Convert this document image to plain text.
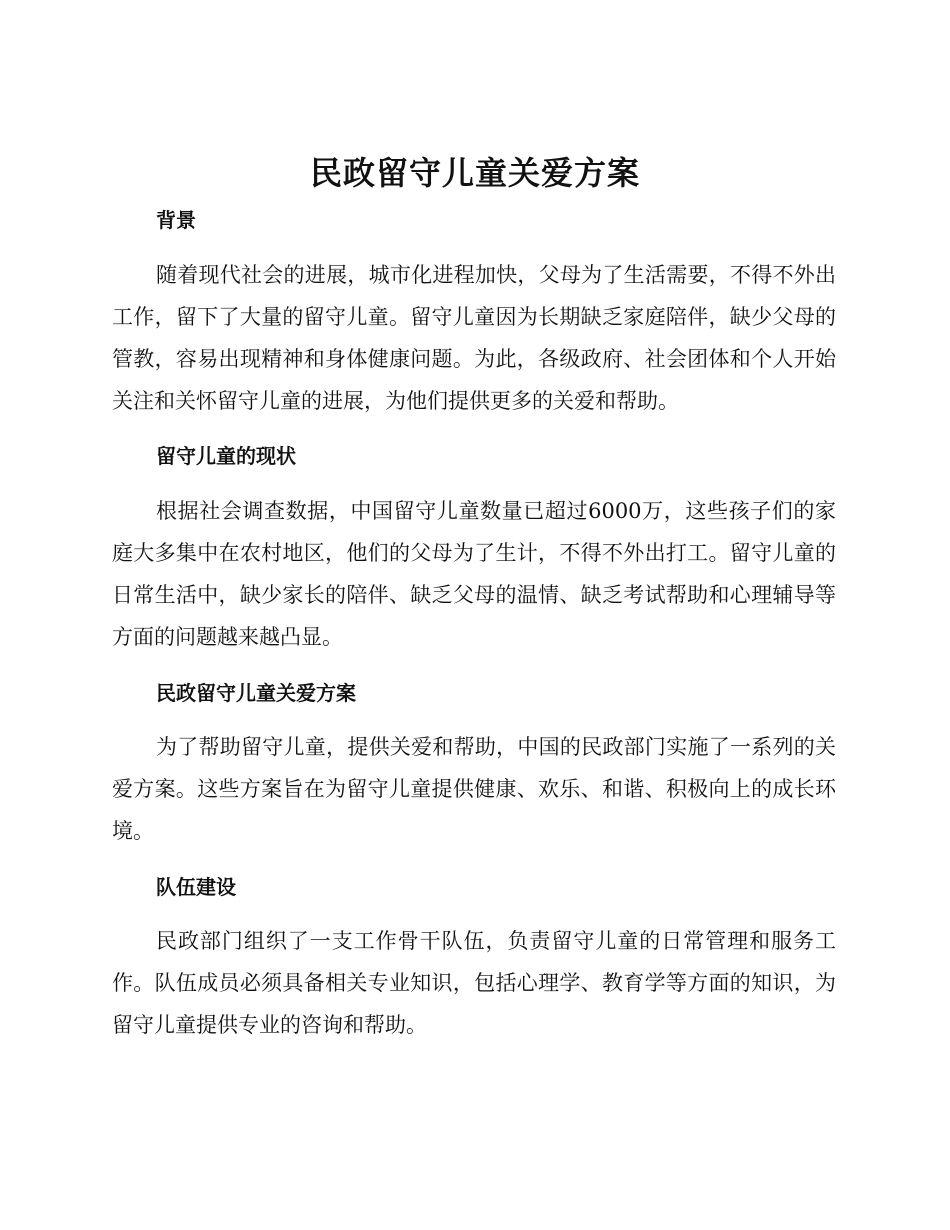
民政留守儿童关爱方案
背景

随着现代社会的进展，城市化进程加快，父母为了生活需要，不得不外出工作，留下了大量的留守儿童。留守儿童因为长期缺乏家庭陪伴，缺少父母的管教，容易出现精神和身体健康问题。为此，各级政府、社会团体和个人开始关注和关怀留守儿童的进展，为他们提供更多的关爱和帮助。

留守儿童的现状

根据社会调查数据，中国留守儿童数量已超过6000万，这些孩子们的家庭大多集中在农村地区，他们的父母为了生计，不得不外出打工。留守儿童的日常生活中，缺少家长的陪伴、缺乏父母的温情、缺乏考试帮助和心理辅导等方面的问题越来越凸显。

民政留守儿童关爱方案

为了帮助留守儿童，提供关爱和帮助，中国的民政部门实施了一系列的关爱方案。这些方案旨在为留守儿童提供健康、欢乐、和谐、积极向上的成长环境。

队伍建设

民政部门组织了一支工作骨干队伍，负责留守儿童的日常管理和服务工作。队伍成员必须具备相关专业知识，包括心理学、教育学等方面的知识，为留守儿童提供专业的咨询和帮助。
